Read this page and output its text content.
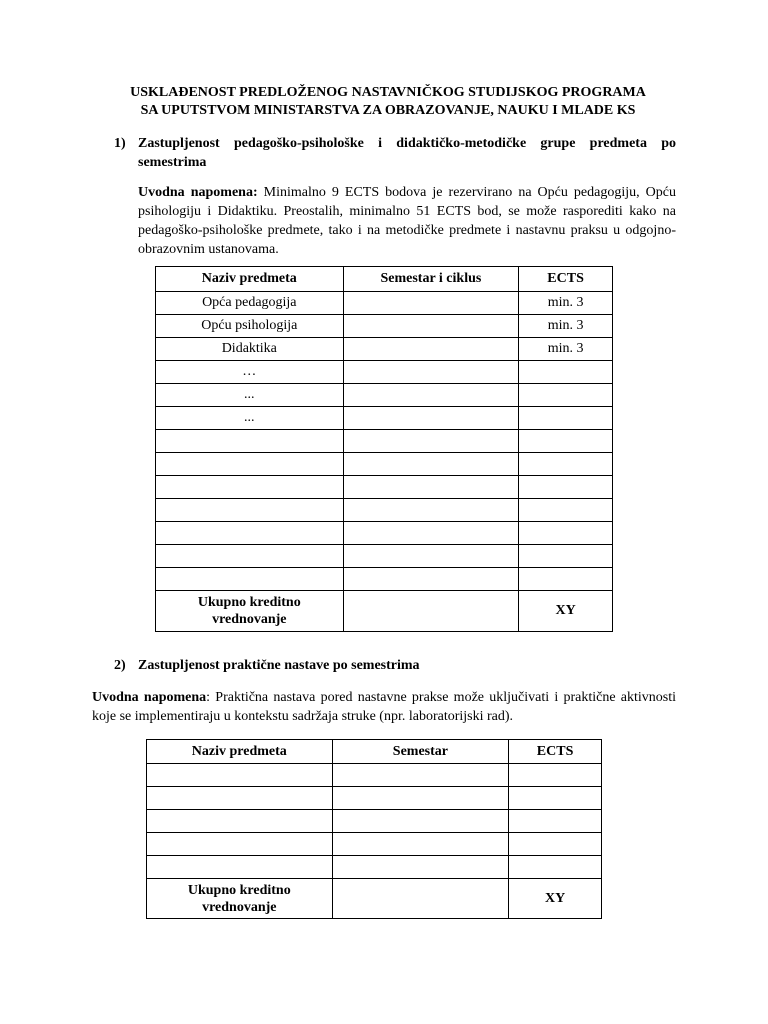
USKLAĐENOST PREDLOŽENOG NASTAVNIČKOG STUDIJSKOG PROGRAMA
SA UPUTSTVOM MINISTARSTVA ZA OBRAZOVANJE, NAUKU I MLADE KS
1) Zastupljenost pedagoško-psihološke i didaktičko-metodičke grupe predmeta po
semestrima
Uvodna napomena: Minimalno 9 ECTS bodova je rezervirano na Opću pedagogiju, Opću psihologiju i Didaktiku. Preostalih, minimalno 51 ECTS bod, se može rasporediti kako na pedagoško-psihološke predmete, tako i na metodičke predmete i nastavnu praksu u odgojno-obrazovnim ustanovama.
Naziv predmeta	Semestar i ciklus	ECTS
Opća pedagogija		min. 3
Opću psihologija		min. 3
Didaktika		min. 3
…		
...		
...		

Ukupno kreditno
vrednovanje		XY
2) Zastupljenost praktične nastave po semestrima
Uvodna napomena: Praktična nastava pored nastavne prakse može uključivati i praktične aktivnosti koje se implementiraju u kontekstu sadržaja struke (npr. laboratorijski rad).
Naziv predmeta	Semestar	ECTS

Ukupno kreditno
vrednovanje		XY
